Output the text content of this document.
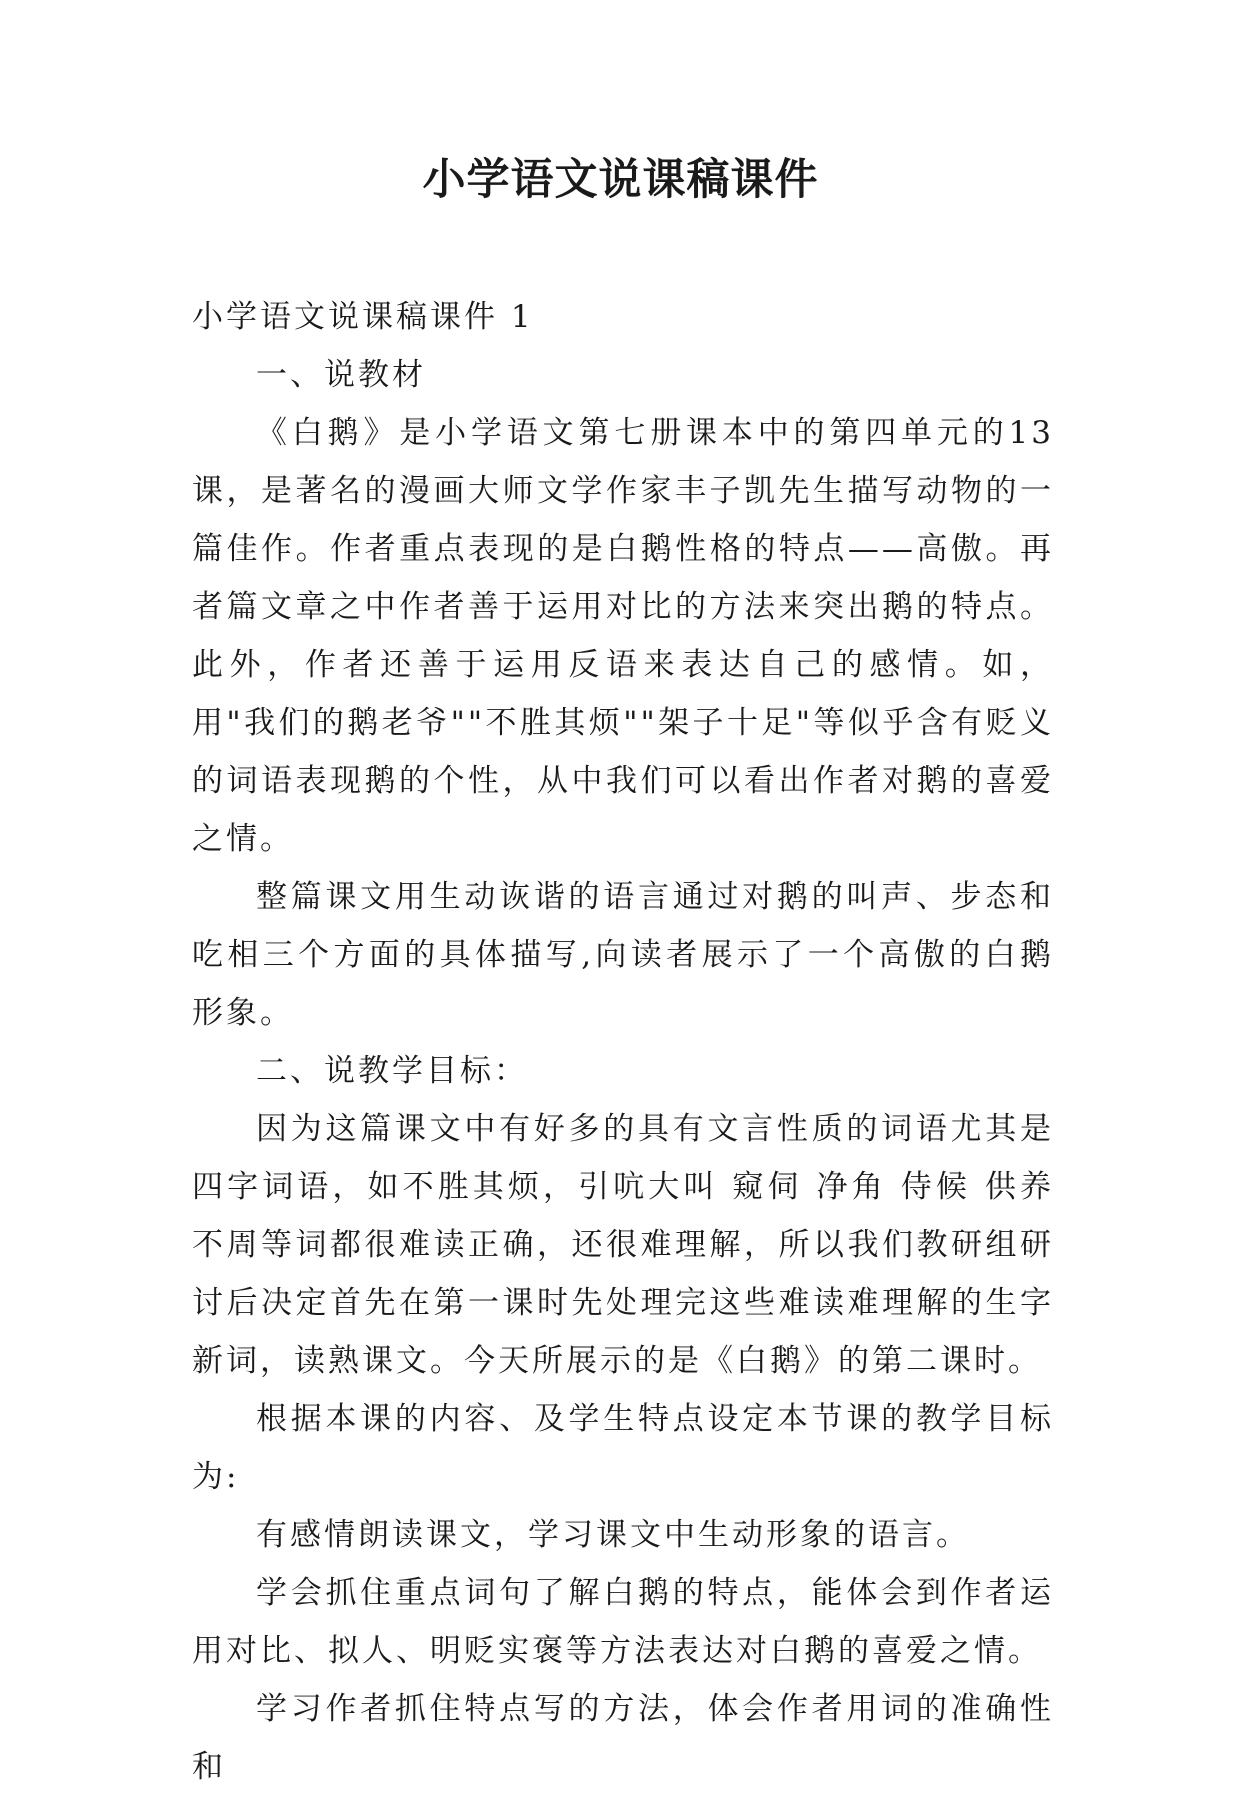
小学语文说课稿课件

小学语文说课稿课件 1

一、说教材

《白鹅》是小学语文第七册课本中的第四单元的13课，是著名的漫画大师文学作家丰子凯先生描写动物的一篇佳作。作者重点表现的是白鹅性格的特点——高傲。再者篇文章之中作者善于运用对比的方法来突出鹅的特点。此外，作者还善于运用反语来表达自己的感情。如，用"我们的鹅老爷""不胜其烦""架子十足"等似乎含有贬义的词语表现鹅的个性，从中我们可以看出作者对鹅的喜爱之情。

整篇课文用生动诙谐的语言通过对鹅的叫声、步态和吃相三个方面的具体描写,向读者展示了一个高傲的白鹅形象。

二、说教学目标：

因为这篇课文中有好多的具有文言性质的词语尤其是四字词语，如不胜其烦，引吭大叫 窥伺 净角 侍候 供养不周等词都很难读正确，还很难理解，所以我们教研组研讨后决定首先在第一课时先处理完这些难读难理解的生字新词，读熟课文。今天所展示的是《白鹅》的第二课时。

根据本课的内容、及学生特点设定本节课的教学目标为:

有感情朗读课文，学习课文中生动形象的语言。

学会抓住重点词句了解白鹅的特点，能体会到作者运用对比、拟人、明贬实褒等方法表达对白鹅的喜爱之情。

学习作者抓住特点写的方法，体会作者用词的准确性和
